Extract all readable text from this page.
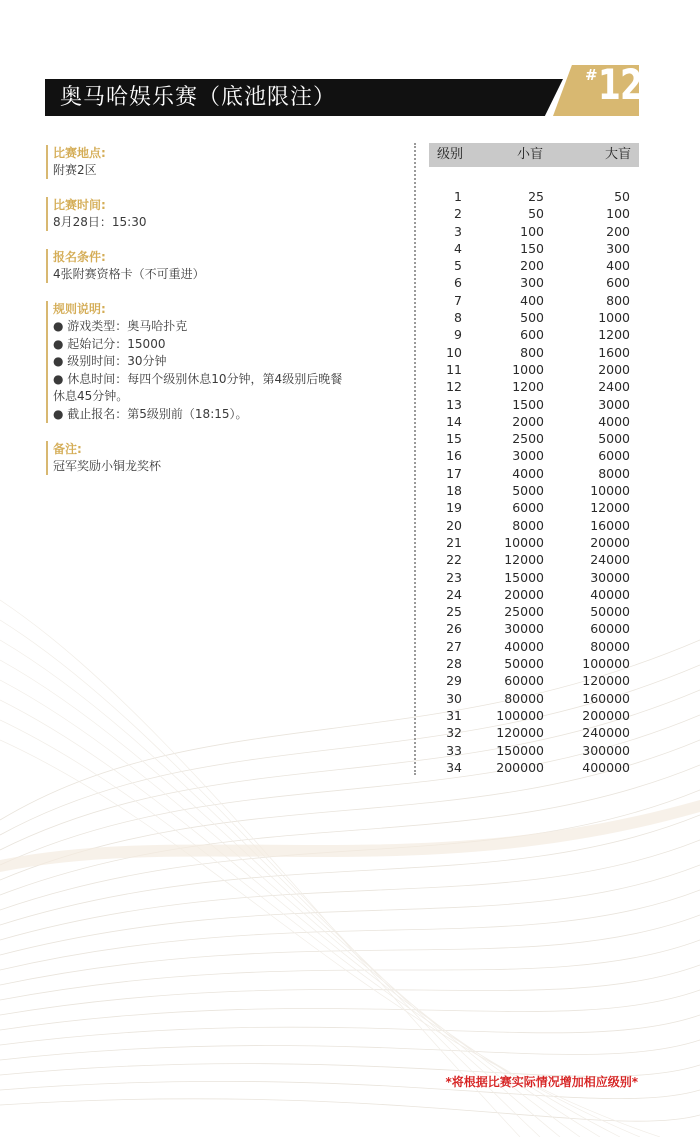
奥马哈娱乐赛（底池限注）
# 12
比赛地点:
附赛2区
比赛时间:
8月28日：15:30
报名条件:
4张附赛资格卡（不可重进）
规则说明:
● 游戏类型：奥马哈扑克
● 起始记分：15000
● 级别时间：30分钟
● 休息时间：每四个级别休息10分钟，第4级别后晚餐
休息45分钟。
● 截止报名：第5级别前（18:15）。
备注:
冠军奖励小铜龙奖杯
级别	小盲	大盲
1	25	50
2	50	100
3	100	200
4	150	300
5	200	400
6	300	600
7	400	800
8	500	1000
9	600	1200
10	800	1600
11	1000	2000
12	1200	2400
13	1500	3000
14	2000	4000
15	2500	5000
16	3000	6000
17	4000	8000
18	5000	10000
19	6000	12000
20	8000	16000
21	10000	20000
22	12000	24000
23	15000	30000
24	20000	40000
25	25000	50000
26	30000	60000
27	40000	80000
28	50000	100000
29	60000	120000
30	80000	160000
31	100000	200000
32	120000	240000
33	150000	300000
34	200000	400000
*将根据比赛实际情况增加相应级别*
